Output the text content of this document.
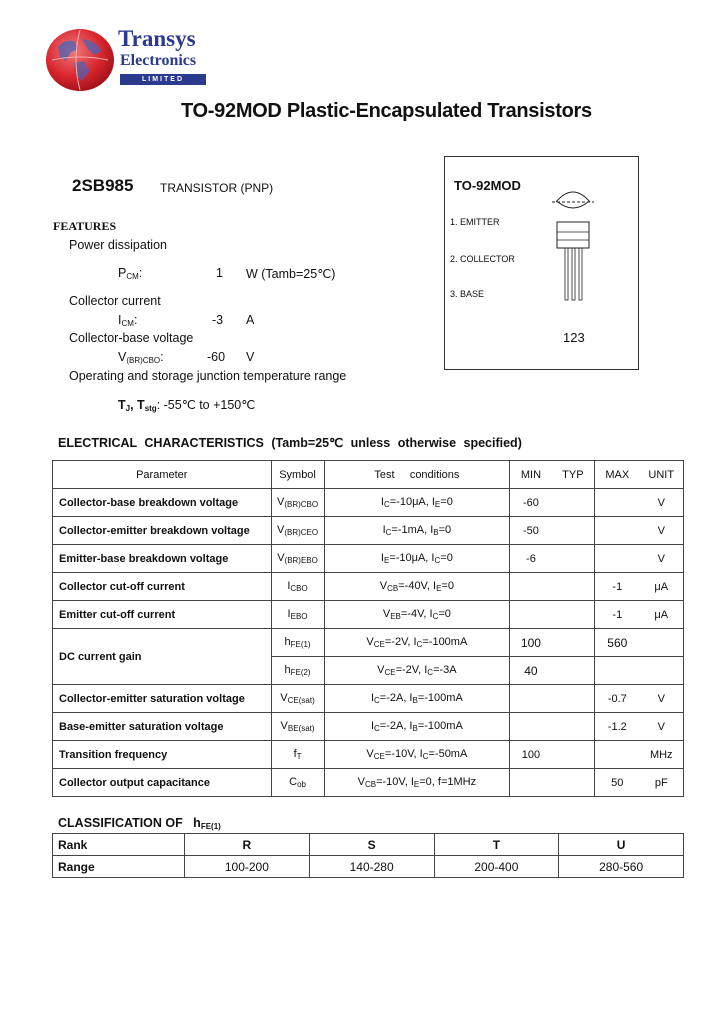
Transys
Electronics
LIMITED
TO-92MOD Plastic-Encapsulated Transistors
2SB985 TRANSISTOR (PNP)
FEATURES
Power dissipation
$P_{CM}$:	1 W (Tamb=25℃)
Collector current
$I_{CM}$:	-3 A
Collector-base voltage
$V_{(BR)CBO}$:	-60 V
Operating and storage junction temperature range
$T_J$, $T_{stg}$: -55℃ to +150℃
TO-92MOD
1. EMITTER
2. COLLECTOR
3. BASE
123
ELECTRICAL CHARACTERISTICS (Tamb=25℃ unless otherwise specified)
Parameter	Symbol	Test     conditions	MIN	TYP	MAX	UNIT
Collector-base breakdown voltage	$V_{(BR)CBO}$	$I_C=-10\mu A$, $I_E=0$	-60			V
Collector-emitter breakdown voltage	$V_{(BR)CEO}$	$I_C=-1mA$, $I_B=0$	-50			V
Emitter-base breakdown voltage	$V_{(BR)EBO}$	$I_E=-10\mu A$, $I_C=0$	-6			V
Collector cut-off current	$I_{CBO}$	$V_{CB}=-40V$, $I_E=0$			-1	μA
Emitter cut-off current	$I_{EBO}$	$V_{EB}=-4V$, $I_C=0$			-1	μA
DC current gain	$h_{FE(1)}$	$V_{CE}=-2V$, $I_C=-100mA$	100		560	
	$h_{FE(2)}$	$V_{CE}=-2V$, $I_C=-3A$	40			
Collector-emitter saturation voltage	$V_{CE(sat)}$	$I_C=-2A$, $I_B=-100mA$			-0.7	V
Base-emitter saturation voltage	$V_{BE(sat)}$	$I_C=-2A$, $I_B=-100mA$			-1.2	V
Transition frequency	$f_T$	$V_{CE}=-10V$, $I_C=-50mA$	100			MHz
Collector output capacitance	$C_{ob}$	$V_{CB}=-10V$, $I_E=0$, f=1MHz			50	pF
CLASSIFICATION OF   $h_{FE(1)}$
Rank	R	S	T	U
Range	100-200	140-280	200-400	280-560
